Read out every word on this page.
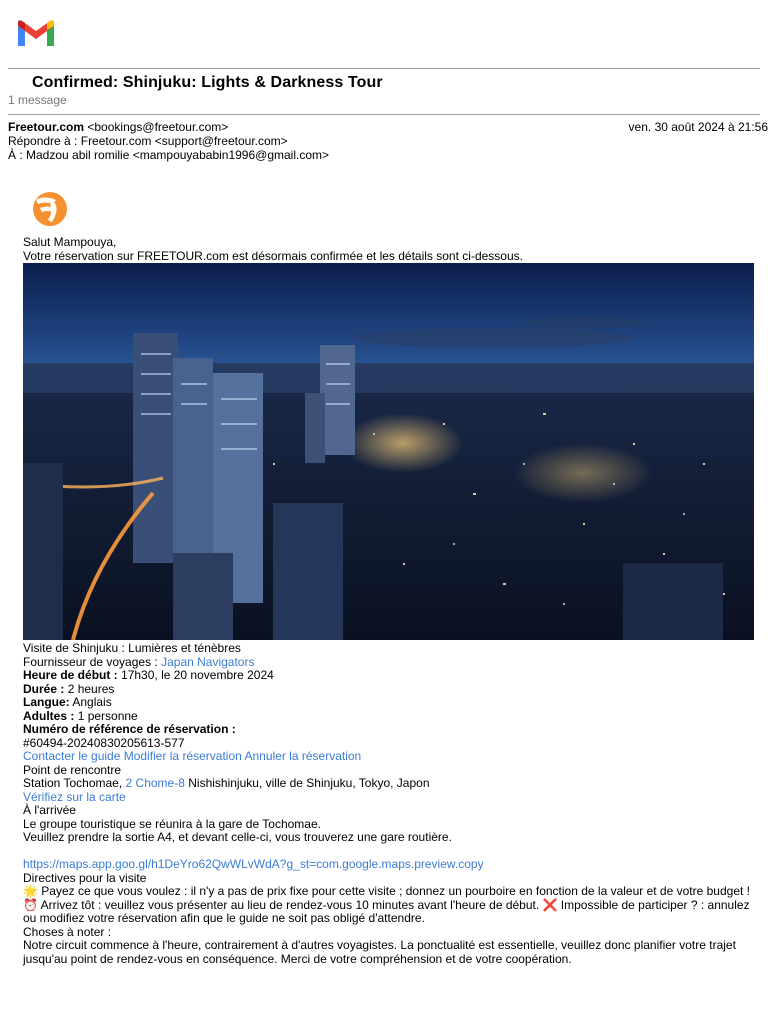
Confirmed: Shinjuku: Lights & Darkness Tour
1 message
Freetour.com <bookings@freetour.com>	ven. 30 août 2024 à 21:56
Répondre à : Freetour.com <support@freetour.com>
À : Madzou abil romilie <mampouyababin1996@gmail.com>
Salut Mampouya,
Votre réservation sur FREETOUR.com est désormais confirmée et les détails sont ci-dessous.
Visite de Shinjuku : Lumières et ténèbres
Fournisseur de voyages : Japan Navigators
Heure de début : 17h30, le 20 novembre 2024
Durée : 2 heures
Langue: Anglais
Adultes : 1 personne
Numéro de référence de réservation :
#60494-20240830205613-577
Contacter le guide Modifier la réservation Annuler la réservation
Point de rencontre
Station Tochomae, 2 Chome-8 Nishishinjuku, ville de Shinjuku, Tokyo, Japon
Vérifiez sur la carte
À l'arrivée
Le groupe touristique se réunira à la gare de Tochomae.
Veuillez prendre la sortie A4, et devant celle-ci, vous trouverez une gare routière.
https://maps.app.goo.gl/h1DeYro62QwWLvWdA?g_st=com.google.maps.preview.copy
Directives pour la visite
🌟 Payez ce que vous voulez : il n'y a pas de prix fixe pour cette visite ; donnez un pourboire en fonction de la valeur et de votre budget ! ⏰ Arrivez tôt : veuillez vous présenter au lieu de rendez-vous 10 minutes avant l'heure de début. ❌ Impossible de participer ? : annulez ou modifiez votre réservation afin que le guide ne soit pas obligé d'attendre.
Choses à noter :
Notre circuit commence à l'heure, contrairement à d'autres voyagistes. La ponctualité est essentielle, veuillez donc planifier votre trajet jusqu'au point de rendez-vous en conséquence. Merci de votre compréhension et de votre coopération.
